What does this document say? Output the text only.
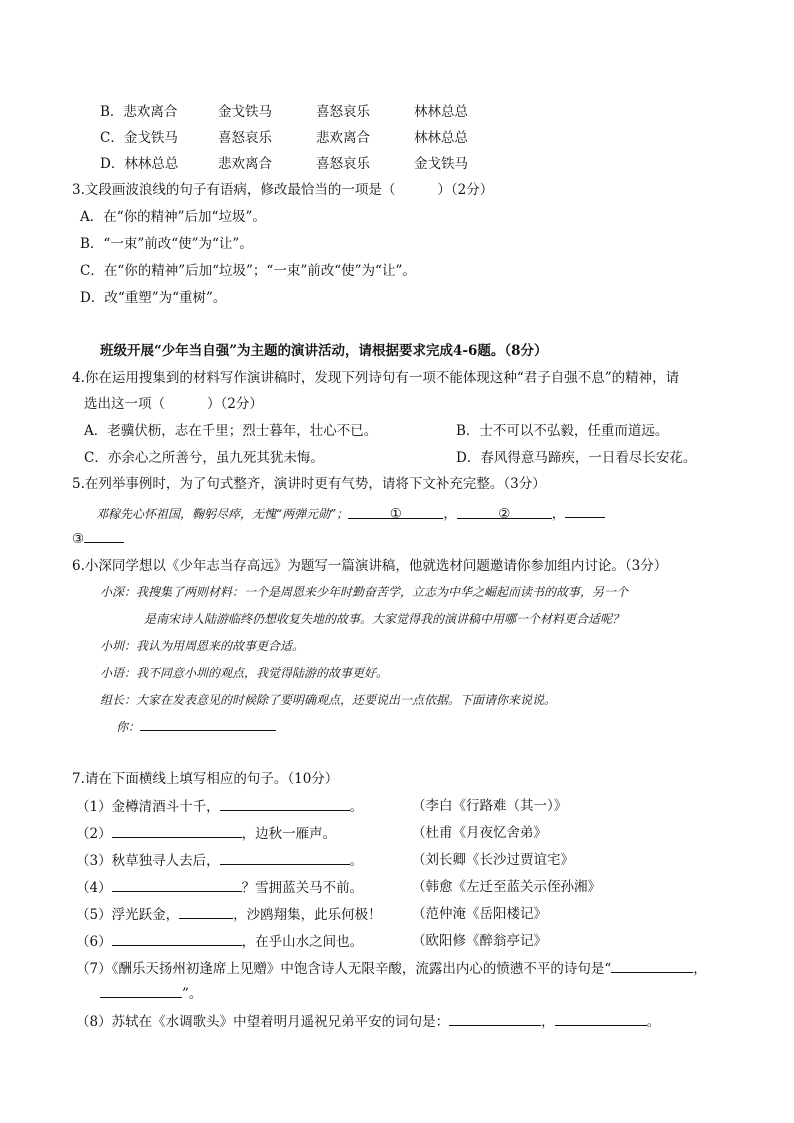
B．悲欢离合	金戈铁马	喜怒哀乐	林林总总
C．金戈铁马	喜怒哀乐	悲欢离合	林林总总
D．林林总总	悲欢离合	喜怒哀乐	金戈铁马
3.文段画波浪线的句子有语病，修改最恰当的一项是（	）（2分）
A．在“你的精神”后加“垃圾”。
B．“一束”前改“使”为“让”。
C．在“你的精神”后加“垃圾”；“一束”前改“使”为“让”。
D．改“重塑”为“重树”。
班级开展“少年当自强”为主题的演讲活动，请根据要求完成4-6题。（8分）
4.你在运用搜集到的材料写作演讲稿时，发现下列诗句有一项不能体现这种“君子自强不息”的精神，请
选出这一项（	）（2分）
A．老骥伏枥，志在千里；烈士暮年，壮心不已。	B．士不可以不弘毅，任重而道远。
C．亦余心之所善兮，虽九死其犹未悔。	D．春风得意马蹄疾，一日看尽长安花。
5.在列举事例时，为了句式整齐，演讲时更有气势，请将下文补充完整。（3分）
邓稼先心怀祖国，鞠躬尽瘁，无愧“两弹元勋”；	①	，	②	，
③
6.小深同学想以《少年志当存高远》为题写一篇演讲稿，他就选材问题邀请你参加组内讨论。（3分）
小深：我搜集了两则材料：一个是周恩来少年时勤奋苦学，立志为中华之崛起而读书的故事，另一个
是南宋诗人陆游临终仍想收复失地的故事。大家觉得我的演讲稿中用哪一个材料更合适呢？
小圳：我认为用周恩来的故事更合适。
小语：我不同意小圳的观点，我觉得陆游的故事更好。
组长：大家在发表意见的时候除了要明确观点，还要说出一点依据。下面请你来说说。
你：
7.请在下面横线上填写相应的句子。（10分）
（1）金樽清酒斗十千，	。	（李白《行路难（其一）》
（2）	，边秋一雁声。	（杜甫《月夜忆舍弟》
（3）秋草独寻人去后，	。	（刘长卿《长沙过贾谊宅》
（4）	？雪拥蓝关马不前。	（韩愈《左迁至蓝关示侄孙湘》
（5）浮光跃金，	，沙鸥翔集，此乐何极！ （范仲淹《岳阳楼记》
（6）	，在乎山水之间也。	（欧阳修《醉翁亭记》
（7）《酬乐天扬州初逢席上见赠》中饱含诗人无限辛酸，流露出内心的愤懑不平的诗句是“	，
”。
（8）苏轼在《水调歌头》中望着明月遥祝兄弟平安的词句是：	，	。
